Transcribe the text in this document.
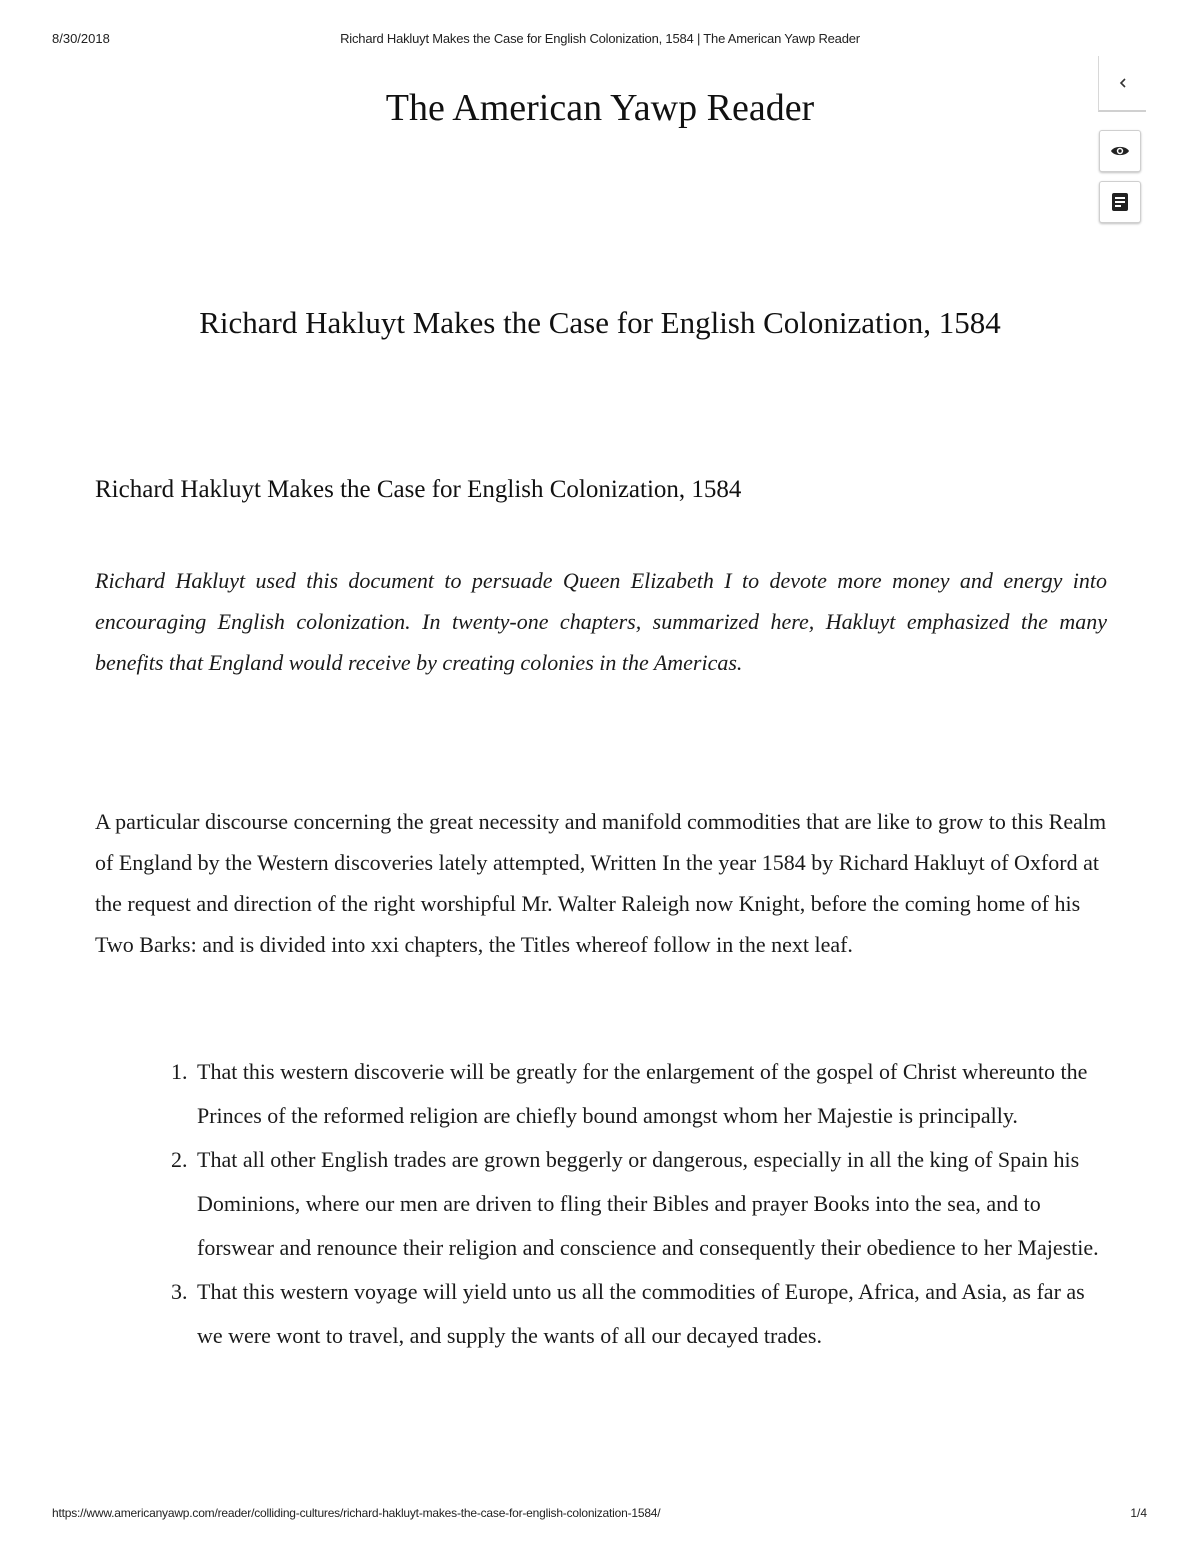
8/30/2018	Richard Hakluyt Makes the Case for English Colonization, 1584 | The American Yawp Reader
The American Yawp Reader
Richard Hakluyt Makes the Case for English Colonization, 1584
Richard Hakluyt Makes the Case for English Colonization, 1584

Richard Hakluyt used this document to persuade Queen Elizabeth I to devote more money and energy into encouraging English colonization. In twenty-one chapters, summarized here, Hakluyt emphasized the many benefits that England would receive by creating colonies in the Americas.

A particular discourse concerning the great necessity and manifold commodities that are like to grow to this Realm of England by the Western discoveries lately attempted, Written In the year 1584 by Richard Hakluyt of Oxford at the request and direction of the right worshipful Mr. Walter Raleigh now Knight, before the coming home of his Two Barks: and is divided into xxi chapters, the Titles whereof follow in the next leaf.

1. That this western discoverie will be greatly for the enlargement of the gospel of Christ whereunto the Princes of the reformed religion are chiefly bound amongst whom her Majestie is principally.
2. That all other English trades are grown beggerly or dangerous, especially in all the king of Spain his Dominions, where our men are driven to fling their Bibles and prayer Books into the sea, and to forswear and renounce their religion and conscience and consequently their obedience to her Majestie.
3. That this western voyage will yield unto us all the commodities of Europe, Africa, and Asia, as far as we were wont to travel, and supply the wants of all our decayed trades.
https://www.americanyawp.com/reader/colliding-cultures/richard-hakluyt-makes-the-case-for-english-colonization-1584/	1/4
